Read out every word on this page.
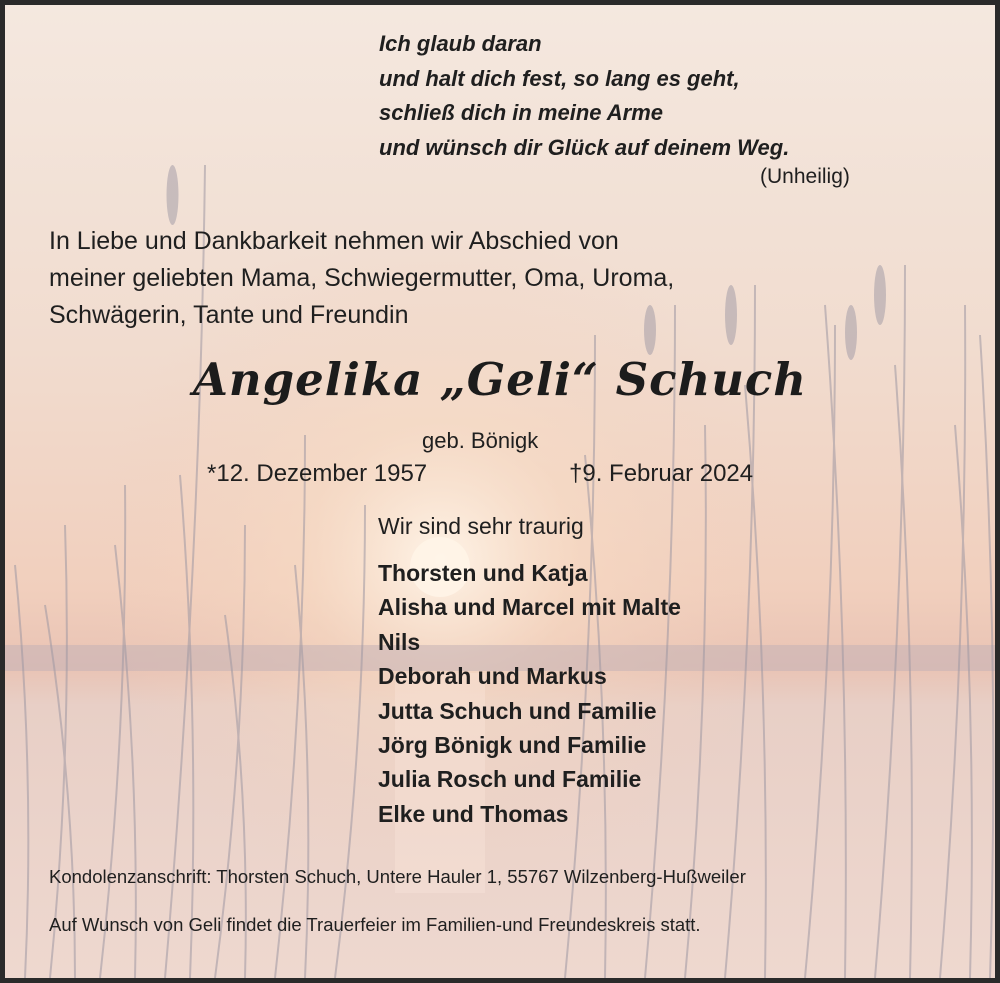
Ich glaub daran
und halt dich fest, so lang es geht,
schließ dich in meine Arme
und wünsch dir Glück auf deinem Weg.
(Unheilig)
In Liebe und Dankbarkeit nehmen wir Abschied von
meiner geliebten Mama, Schwiegermutter, Oma, Uroma,
Schwägerin, Tante und Freundin
Angelika „Geli“ Schuch
geb. Bönigk
*12. Dezember 1957	†9. Februar 2024
Wir sind sehr traurig
Thorsten und Katja
Alisha und Marcel mit Malte
Nils
Deborah und Markus
Jutta Schuch und Familie
Jörg Bönigk und Familie
Julia Rosch und Familie
Elke und Thomas
Kondolenzanschrift: Thorsten Schuch, Untere Hauler 1, 55767 Wilzenberg-Hußweiler
Auf Wunsch von Geli findet die Trauerfeier im Familien-und Freundeskreis statt.
